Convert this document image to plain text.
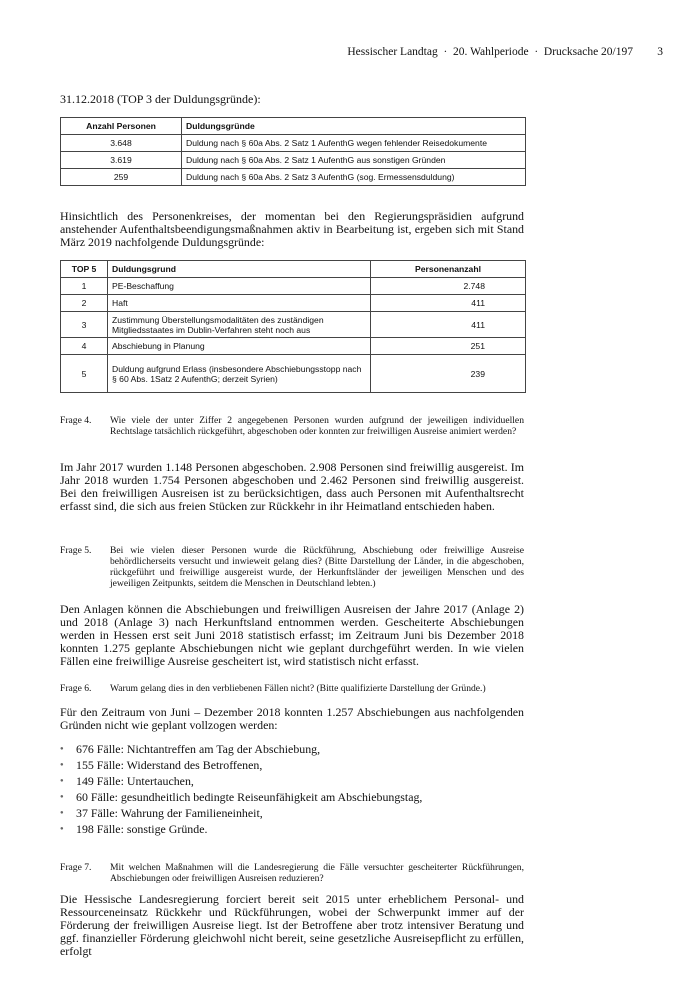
Hessischer Landtag  ·  20. Wahlperiode  ·  Drucksache 20/197 3
31.12.2018 (TOP 3 der Duldungsgründe):
Anzahl Personen	Duldungsgründe
3.648	Duldung nach § 60a Abs. 2 Satz 1 AufenthG wegen fehlender Reisedokumente
3.619	Duldung nach § 60a Abs. 2 Satz 1 AufenthG aus sonstigen Gründen
259	Duldung nach § 60a Abs. 2 Satz 3 AufenthG (sog. Ermessensduldung)

Hinsichtlich des Personenkreises, der momentan bei den Regierungspräsidien aufgrund anstehender Aufenthaltsbeendigungsmaßnahmen aktiv in Bearbeitung ist, ergeben sich mit Stand März 2019 nachfolgende Duldungsgründe:

TOP 5	Duldungsgrund	Personenanzahl
1	PE-Beschaffung	2.748
2	Haft	411
3	Zustimmung Überstellungsmodalitäten des zuständigen Mitgliedsstaates im Dublin-Verfahren steht noch aus	411
4	Abschiebung in Planung	251
5	Duldung aufgrund Erlass (insbesondere Abschiebungsstopp nach § 60 Abs. 1Satz 2 AufenthG; derzeit Syrien)	239
Frage 4. Wie viele der unter Ziffer 2 angegebenen Personen wurden aufgrund der jeweiligen individuellen Rechtslage tatsächlich rückgeführt, abgeschoben oder konnten zur freiwilligen Ausreise animiert werden?

Im Jahr 2017 wurden 1.148 Personen abgeschoben. 2.908 Personen sind freiwillig ausgereist. Im Jahr 2018 wurden 1.754 Personen abgeschoben und 2.462 Personen sind freiwillig ausgereist. Bei den freiwilligen Ausreisen ist zu berücksichtigen, dass auch Personen mit Aufenthaltsrecht erfasst sind, die sich aus freien Stücken zur Rückkehr in ihr Heimatland entschieden haben.

Frage 5. Bei wie vielen dieser Personen wurde die Rückführung, Abschiebung oder freiwillige Ausreise behördlicherseits versucht und inwieweit gelang dies? (Bitte Darstellung der Länder, in die abgeschoben, rückgeführt und freiwillige ausgereist wurde, der Herkunftsländer der jeweiligen Menschen und des jeweiligen Zeitpunkts, seitdem die Menschen in Deutschland lebten.)

Den Anlagen können die Abschiebungen und freiwilligen Ausreisen der Jahre 2017 (Anlage 2) und 2018 (Anlage 3) nach Herkunftsland entnommen werden. Gescheiterte Abschiebungen werden in Hessen erst seit Juni 2018 statistisch erfasst; im Zeitraum Juni bis Dezember 2018 konnten 1.275 geplante Abschiebungen nicht wie geplant durchgeführt werden. In wie vielen Fällen eine freiwillige Ausreise gescheitert ist, wird statistisch nicht erfasst.

Frage 6. Warum gelang dies in den verbliebenen Fällen nicht? (Bitte qualifizierte Darstellung der Gründe.)

Für den Zeitraum von Juni – Dezember 2018 konnten 1.257 Abschiebungen aus nachfolgenden Gründen nicht wie geplant vollzogen werden:

● 676 Fälle: Nichtantreffen am Tag der Abschiebung,
● 155 Fälle: Widerstand des Betroffenen,
● 149 Fälle: Untertauchen,
● 60 Fälle: gesundheitlich bedingte Reiseunfähigkeit am Abschiebungstag,
● 37 Fälle: Wahrung der Familieneinheit,
● 198 Fälle: sonstige Gründe.
Frage 7. Mit welchen Maßnahmen will die Landesregierung die Fälle versuchter gescheiterter Rückführungen, Abschiebungen oder freiwilligen Ausreisen reduzieren?

Die Hessische Landesregierung forciert bereit seit 2015 unter erheblichem Personal- und Ressourceneinsatz Rückkehr und Rückführungen, wobei der Schwerpunkt immer auf der Förderung der freiwilligen Ausreise liegt. Ist der Betroffene aber trotz intensiver Beratung und ggf. finanzieller Förderung gleichwohl nicht bereit, seine gesetzliche Ausreisepflicht zu erfüllen, erfolgt
